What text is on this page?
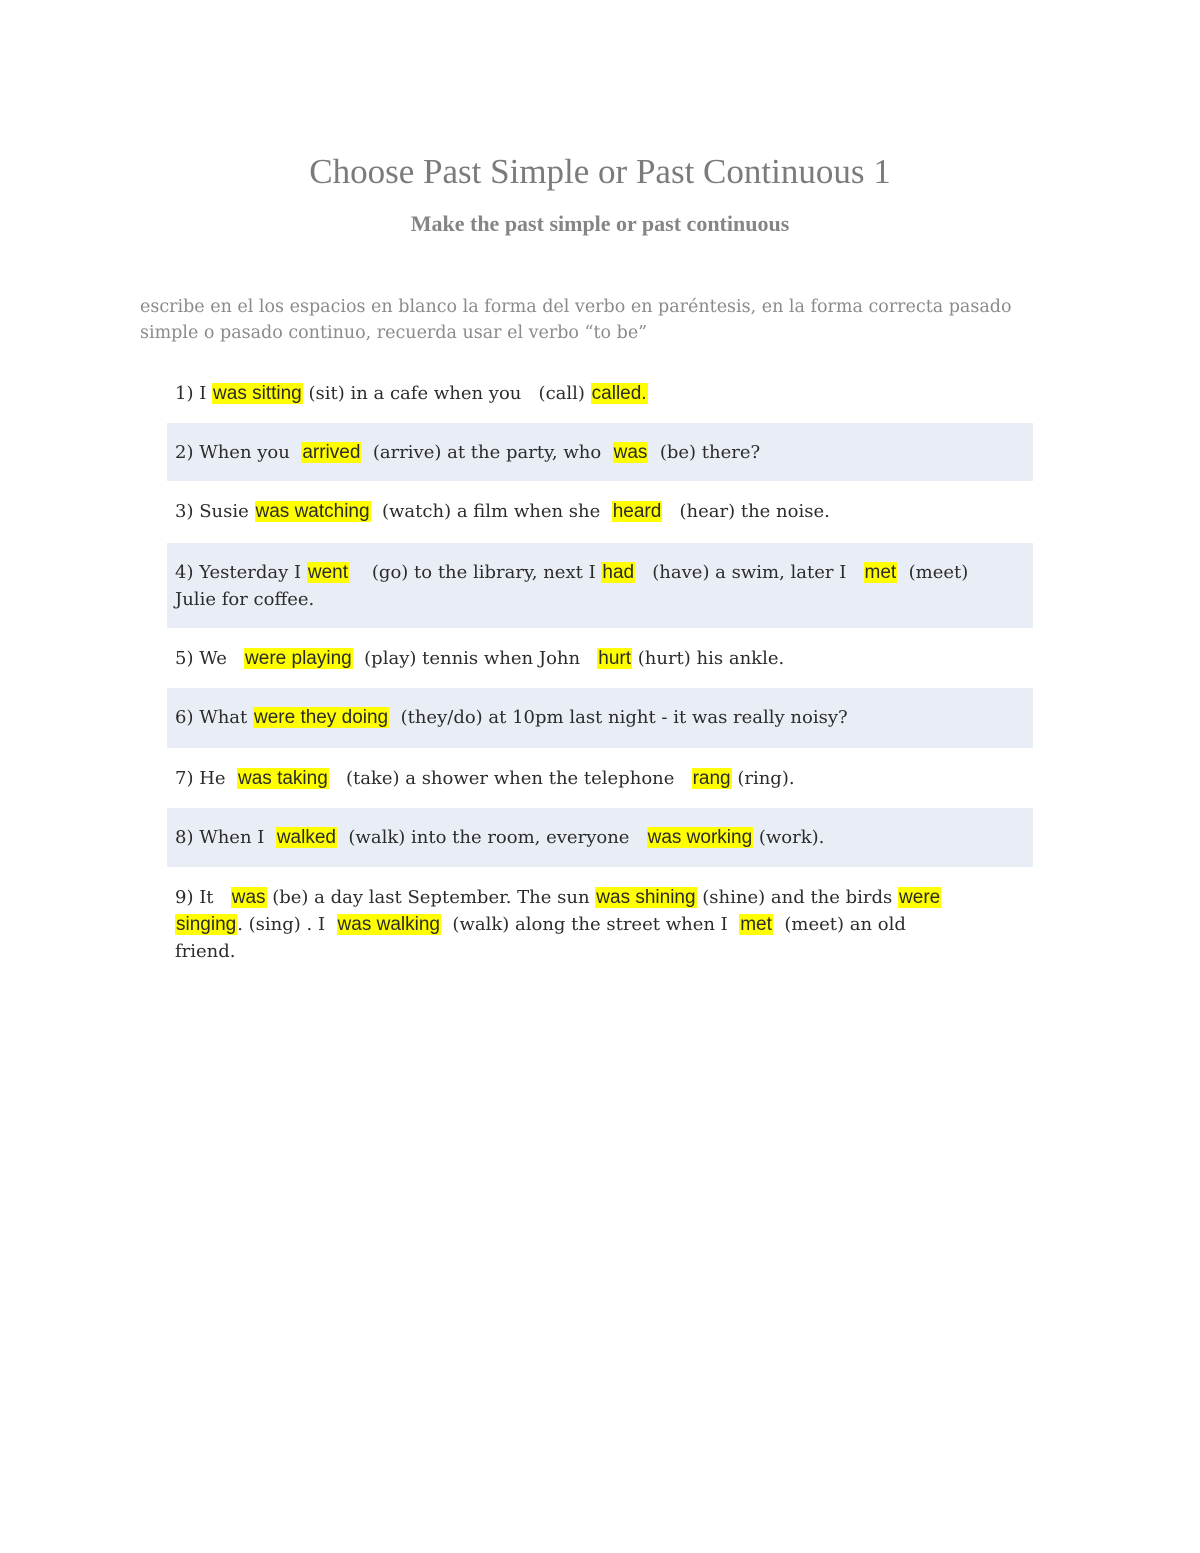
Choose Past Simple or Past Continuous 1
Make the past simple or past continuous

escribe en el los espacios en blanco la forma del verbo en paréntesis, en la forma correcta pasado simple o pasado continuo, recuerda usar el verbo “to be”

1) I was sitting (sit) in a cafe when you   (call) called.
2) When you  arrived  (arrive) at the party, who  was  (be) there?
3) Susie was watching  (watch) a film when she  heard   (hear) the noise.
4) Yesterday I went    (go) to the library, next I had   (have) a swim, later I   met  (meet)
Julie for coffee.
5) We   were playing  (play) tennis when John   hurt (hurt) his ankle.
6) What were they doing  (they/do) at 10pm last night - it was really noisy?
7) He  was taking   (take) a shower when the telephone   rang (ring).
8) When I  walked  (walk) into the room, everyone   was working (work).
9) It   was (be) a day last September. The sun was shining (shine) and the birds were
singing. (sing) . I  was walking  (walk) along the street when I  met  (meet) an old
friend.
